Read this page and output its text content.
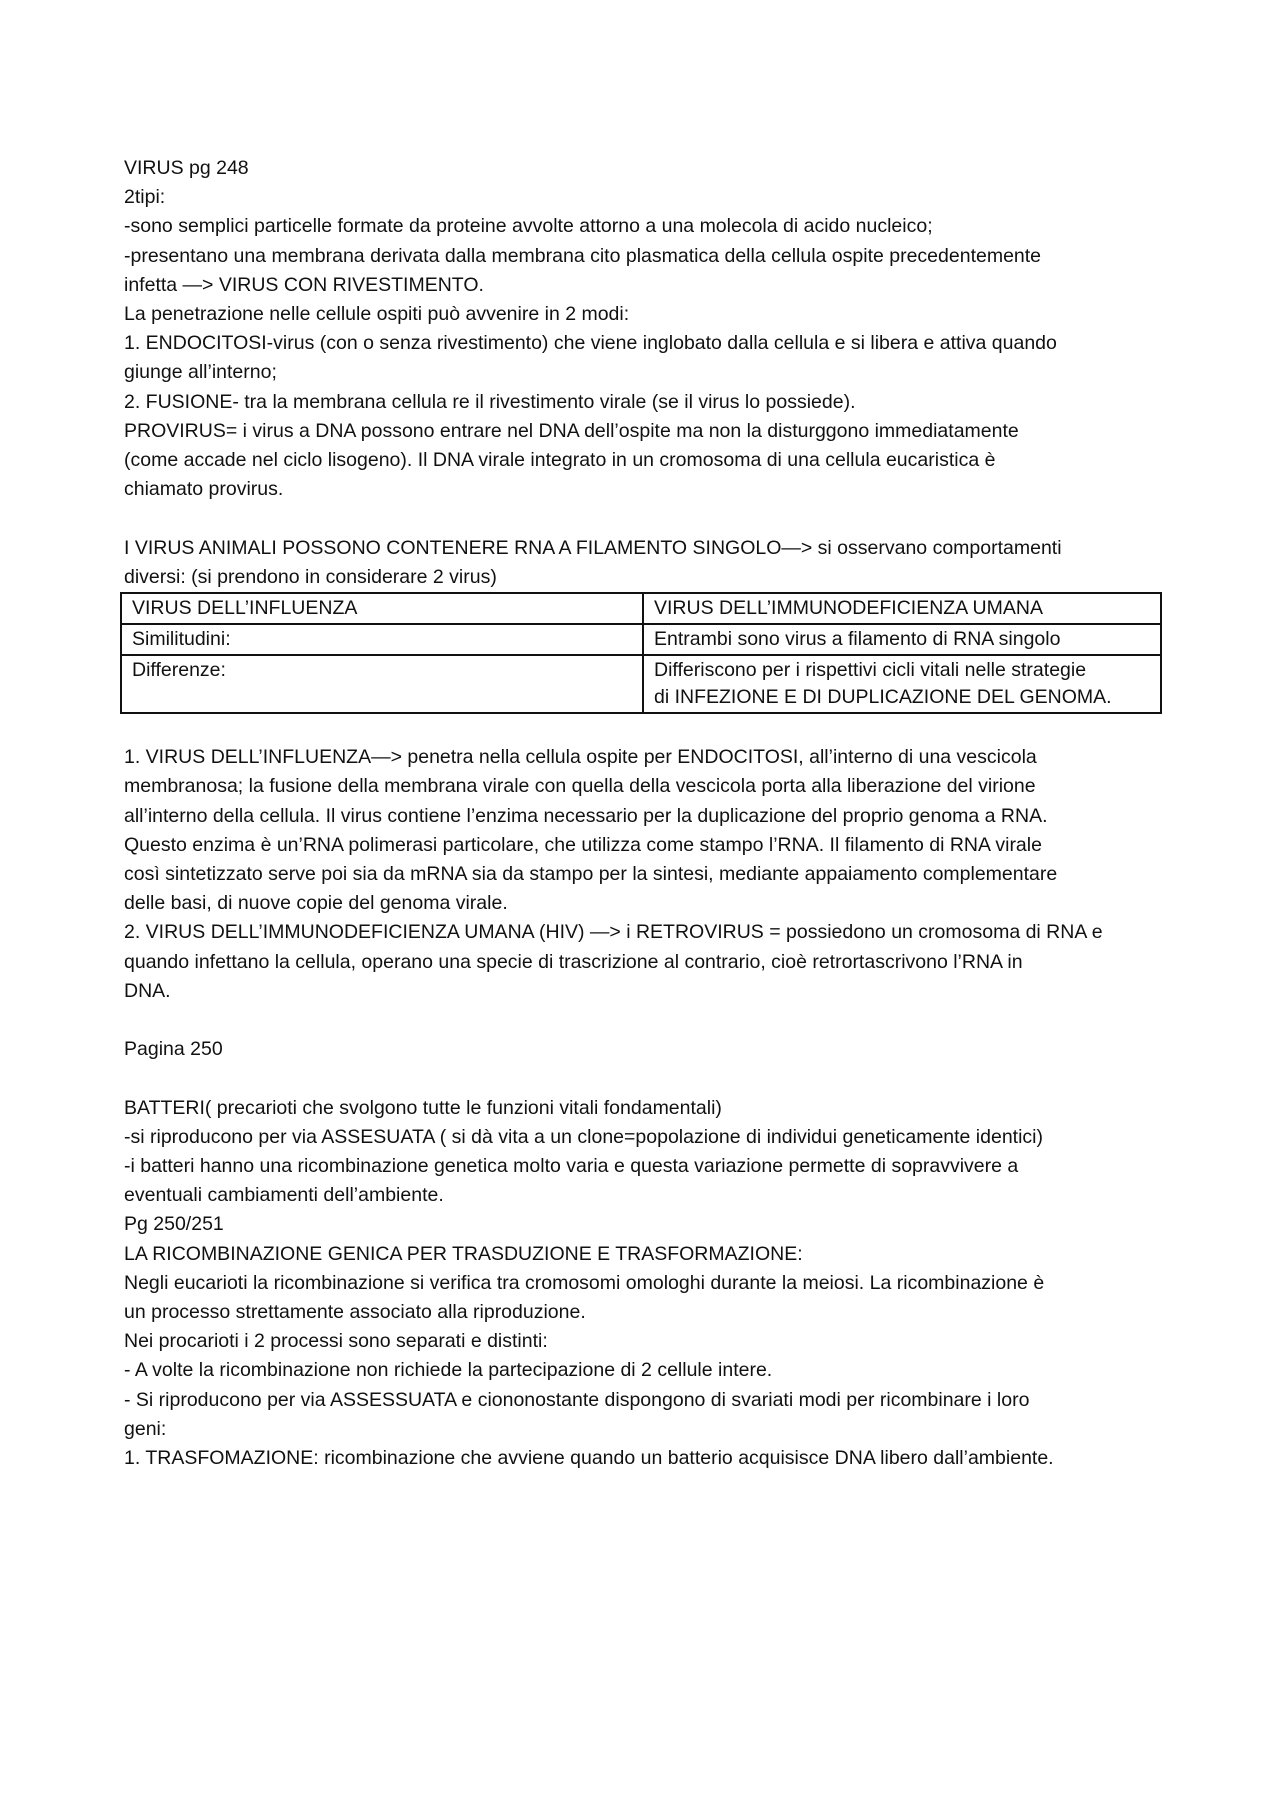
VIRUS pg 248

2tipi:

-sono semplici particelle formate da proteine avvolte attorno a una molecola di acido nucleico;

-presentano una membrana derivata dalla membrana cito plasmatica della cellula ospite precedentemente

infetta —> VIRUS CON RIVESTIMENTO.

La penetrazione nelle cellule ospiti può avvenire in 2 modi:

1. ENDOCITOSI-virus (con o senza rivestimento) che viene inglobato dalla cellula e si libera e attiva quando

giunge all’interno;

2. FUSIONE- tra la membrana cellula re il rivestimento virale (se il virus lo possiede).

PROVIRUS= i virus a DNA possono entrare nel DNA dell’ospite ma non la disturggono immediatamente

(come accade nel ciclo lisogeno). Il DNA virale integrato in un cromosoma di una cellula eucaristica è

chiamato provirus.

I VIRUS ANIMALI POSSONO CONTENERE RNA A FILAMENTO SINGOLO—> si osservano comportamenti

diversi: (si prendono in considerare 2 virus)

VIRUS DELL’INFLUENZA	VIRUS DELL’IMMUNODEFICIENZA UMANA

Similitudini:	Entrambi sono virus a filamento di RNA singolo

Differenze:	Differiscono per i rispettivi cicli vitali nelle strategie
di INFEZIONE E DI DUPLICAZIONE DEL GENOMA.

1. VIRUS DELL’INFLUENZA—> penetra nella cellula ospite per ENDOCITOSI, all’interno di una vescicola

membranosa; la fusione della membrana virale con quella della vescicola porta alla liberazione del virione

all’interno della cellula. Il virus contiene l’enzima necessario per la duplicazione del proprio genoma a RNA.

Questo enzima è un’RNA polimerasi particolare, che utilizza come stampo l’RNA. Il filamento di RNA virale

così sintetizzato serve poi sia da mRNA sia da stampo per la sintesi, mediante appaiamento complementare

delle basi, di nuove copie del genoma virale.

2. VIRUS DELL’IMMUNODEFICIENZA UMANA (HIV) —> i RETROVIRUS = possiedono un cromosoma di RNA e

quando infettano la cellula, operano una specie di trascrizione al contrario, cioè retrortascrivono l’RNA in

DNA.

Pagina 250

BATTERI( precarioti che svolgono tutte le funzioni vitali fondamentali)

-si riproducono per via ASSESUATA ( si dà vita a un clone=popolazione di individui geneticamente identici)

-i batteri hanno una ricombinazione genetica molto varia e questa variazione permette di sopravvivere a

eventuali cambiamenti dell’ambiente.

Pg 250/251

LA RICOMBINAZIONE GENICA PER TRASDUZIONE E TRASFORMAZIONE:

Negli eucarioti la ricombinazione si verifica tra cromosomi omologhi durante la meiosi. La ricombinazione è

un processo strettamente associato alla riproduzione.

Nei procarioti i 2 processi sono separati e distinti:

- A volte la ricombinazione non richiede la partecipazione di 2 cellule intere.

- Si riproducono per via ASSESSUATA e ciononostante dispongono di svariati modi per ricombinare i loro

geni:

1. TRASFOMAZIONE: ricombinazione che avviene quando un batterio acquisisce DNA libero dall’ambiente.
